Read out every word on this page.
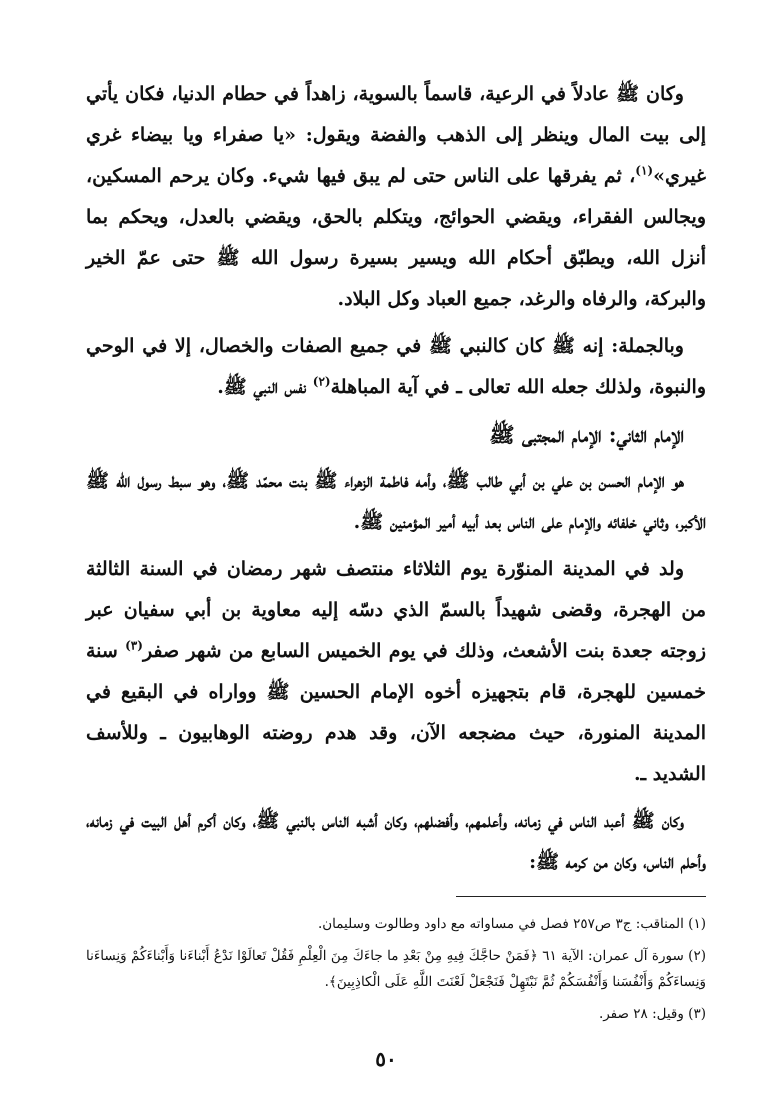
وكان ﷺ عادلاً في الرعية، قاسماً بالسوية، زاهداً في حطام الدنيا، فكان يأتي إلى بيت المال وينظر إلى الذهب والفضة ويقول: «يا صفراء ويا بيضاء غري غيري»$^{(١)}$، ثم يفرقها على الناس حتى لم يبق فيها شيء. وكان يرحم المسكين، ويجالس الفقراء، ويقضي الحوائج، ويتكلم بالحق، ويقضي بالعدل، ويحكم بما أنزل الله، ويطبّق أحكام الله ويسير بسيرة رسول الله ﷺ حتى عمّ الخير والبركة، والرفاه والرغد، جميع العباد وكل البلاد.

وبالجملة: إنه ﷺ كان كالنبي ﷺ في جميع الصفات والخصال، إلا في الوحي والنبوة، ولذلك جعله الله تعالى ـ في آية المباهلة$^{(٢)}$ نفس النبي ﷺ.

الإمام الثاني: الإمام المجتبى ﷺ

هو الإمام الحسن بن علي بن أبي طالب ﷺ، وأمه فاطمة الزهراء ﷺ بنت محمّد ﷺ، وهو سبط رسول الله ﷺ الأكبر، وثاني خلفائه والإمام على الناس بعد أبيه أمير المؤمنين ﷺ.

ولد في المدينة المنوّرة يوم الثلاثاء منتصف شهر رمضان في السنة الثالثة من الهجرة، وقضى شهيداً بالسمّ الذي دسّه إليه معاوية بن أبي سفيان عبر زوجته جعدة بنت الأشعث، وذلك في يوم الخميس السابع من شهر صفر$^{(٣)}$ سنة خمسين للهجرة، قام بتجهيزه أخوه الإمام الحسين ﷺ وواراه في البقيع في المدينة المنورة، حيث مضجعه الآن، وقد هدم روضته الوهابيون ـ وللأسف الشديد ـ.

وكان ﷺ أعبد الناس في زمانه، وأعلمهم، وأفضلهم، وكان أشبه الناس بالنبي ﷺ، وكان أكرم أهل البيت في زمانه، وأحلم الناس، وكان من كرمه ﷺ:

(١) المناقب: ج٣ ص٢٥٧ فصل في مساواته مع داود وطالوت وسليمان.

(٢) سورة آل عمران: الآية ٦١ ﴿فَمَنْ حاجَّكَ فِيهِ مِنْ بَعْدِ ما جاءَكَ مِنَ الْعِلْمِ فَقُلْ تَعالَوْا نَدْعُ أَبْناءَنا وَأَبْناءَكُمْ وَنِساءَنا وَنِساءَكُمْ وَأَنْفُسَنا وَأَنْفُسَكُمْ ثُمَّ نَبْتَهِلْ فَنَجْعَلْ لَعْنَتَ اللَّهِ عَلَى الْكاذِبِينَ﴾.

(٣) وقيل: ٢٨ صفر.

٥٠
